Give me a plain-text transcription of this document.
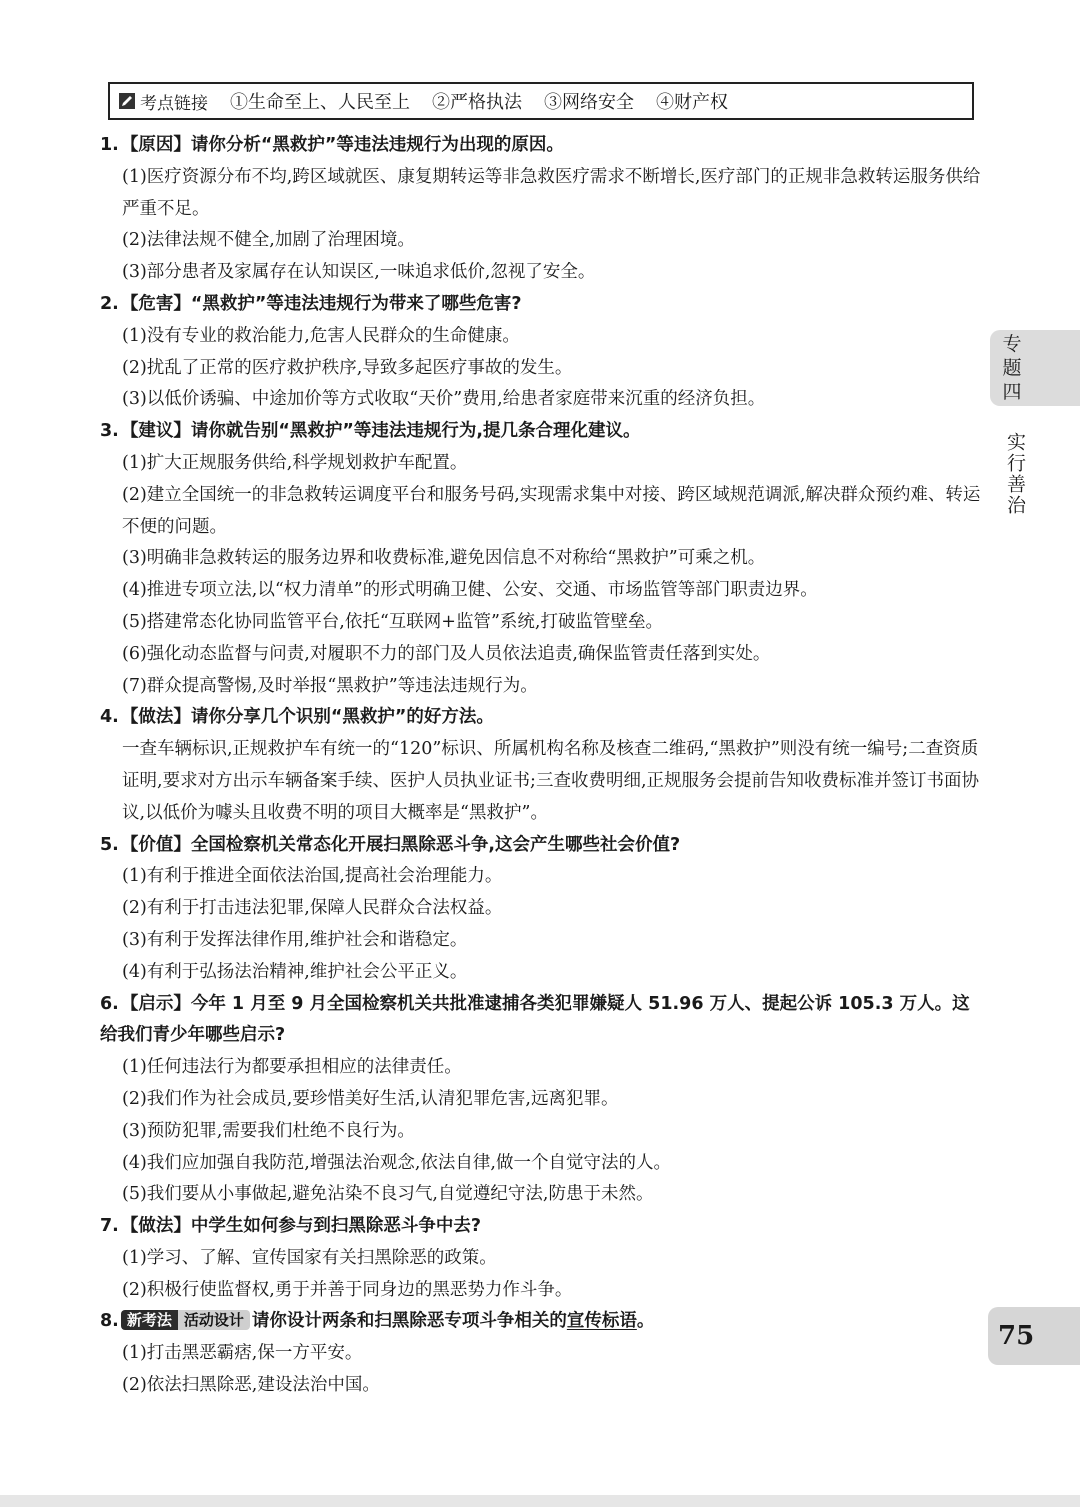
考点链接 ①生命至上、人民至上 ②严格执法 ③网络安全 ④财产权

1. 【原因】请你分析“黑救护”等违法违规行为出现的原因。

(1)医疗资源分布不均,跨区域就医、康复期转运等非急救医疗需求不断增长,医疗部门的正规非急救转运服务供给严重不足。

(2)法律法规不健全,加剧了治理困境。

(3)部分患者及家属存在认知误区,一味追求低价,忽视了安全。

2. 【危害】“黑救护”等违法违规行为带来了哪些危害?

(1)没有专业的救治能力,危害人民群众的生命健康。

(2)扰乱了正常的医疗救护秩序,导致多起医疗事故的发生。

(3)以低价诱骗、中途加价等方式收取“天价”费用,给患者家庭带来沉重的经济负担。

3. 【建议】请你就告别“黑救护”等违法违规行为,提几条合理化建议。

(1)扩大正规服务供给,科学规划救护车配置。

(2)建立全国统一的非急救转运调度平台和服务号码,实现需求集中对接、跨区域规范调派,解决群众预约难、转运不便的问题。

(3)明确非急救转运的服务边界和收费标准,避免因信息不对称给“黑救护”可乘之机。

(4)推进专项立法,以“权力清单”的形式明确卫健、公安、交通、市场监管等部门职责边界。

(5)搭建常态化协同监管平台,依托“互联网+监管”系统,打破监管壁垒。

(6)强化动态监督与问责,对履职不力的部门及人员依法追责,确保监管责任落到实处。

(7)群众提高警惕,及时举报“黑救护”等违法违规行为。

4. 【做法】请你分享几个识别“黑救护”的好方法。

一查车辆标识,正规救护车有统一的“120”标识、所属机构名称及核查二维码,“黑救护”则没有统一编号;二查资质证明,要求对方出示车辆备案手续、医护人员执业证书;三查收费明细,正规服务会提前告知收费标准并签订书面协议,以低价为噱头且收费不明的项目大概率是“黑救护”。

5. 【价值】全国检察机关常态化开展扫黑除恶斗争,这会产生哪些社会价值?

(1)有利于推进全面依法治国,提高社会治理能力。

(2)有利于打击违法犯罪,保障人民群众合法权益。

(3)有利于发挥法律作用,维护社会和谐稳定。

(4)有利于弘扬法治精神,维护社会公平正义。

6. 【启示】今年 1 月至 9 月全国检察机关共批准逮捕各类犯罪嫌疑人 51.96 万人、提起公诉 105.3 万人。这给我们青少年哪些启示?

(1)任何违法行为都要承担相应的法律责任。

(2)我们作为社会成员,要珍惜美好生活,认清犯罪危害,远离犯罪。

(3)预防犯罪,需要我们杜绝不良行为。

(4)我们应加强自我防范,增强法治观念,依法自律,做一个自觉守法的人。

(5)我们要从小事做起,避免沾染不良习气,自觉遵纪守法,防患于未然。

7. 【做法】中学生如何参与到扫黑除恶斗争中去?

(1)学习、了解、宣传国家有关扫黑除恶的政策。

(2)积极行使监督权,勇于并善于同身边的黑恶势力作斗争。

8. 新考法 活动设计 请你设计两条和扫黑除恶专项斗争相关的宣传标语。

(1)打击黑恶霸痞,保一方平安。

(2)依法扫黑除恶,建设法治中国。

专
题
四
实行善治
75
